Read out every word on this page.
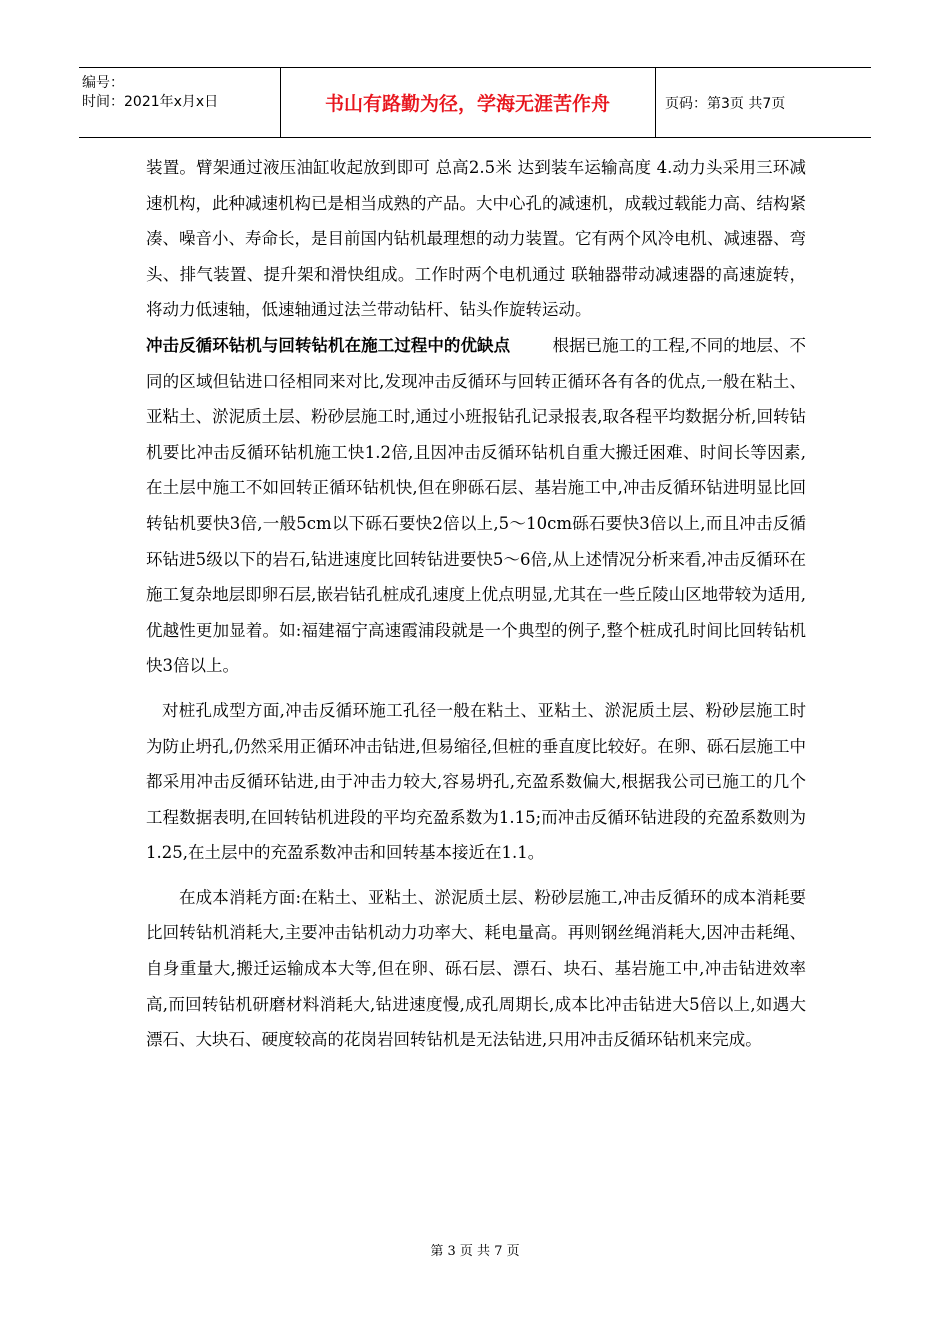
编号：
时间：2021年x月x日	书山有路勤为径，学海无涯苦作舟	页码：第3页 共7页

装置。臂架通过液压油缸收起放到即可 总高2.5米 达到装车运输高度 4.动力头采用三环减速机构，此种减速机构已是相当成熟的产品。大中心孔的减速机，成载过载能力高、结构紧凑、噪音小、寿命长，是目前国内钻机最理想的动力装置。它有两个风冷电机、减速器、弯头、排气装置、提升架和滑快组成。工作时两个电机通过 联轴器带动减速器的高速旋转，将动力低速轴，低速轴通过法兰带动钻杆、钻头作旋转运动。

冲击反循环钻机与回转钻机在施工过程中的优缺点        根据已施工的工程,不同的地层、不同的区域但钻进口径相同来对比,发现冲击反循环与回转正循环各有各的优点,一般在粘土、亚粘土、淤泥质土层、粉砂层施工时,通过小班报钻孔记录报表,取各程平均数据分析,回转钻机要比冲击反循环钻机施工快1.2倍,且因冲击反循环钻机自重大搬迁困难、时间长等因素,在土层中施工不如回转正循环钻机快,但在卵砾石层、基岩施工中,冲击反循环钻进明显比回转钻机要快3倍,一般5cm以下砾石要快2倍以上,5～10cm砾石要快3倍以上,而且冲击反循环钻进5级以下的岩石,钻进速度比回转钻进要快5～6倍,从上述情况分析来看,冲击反循环在施工复杂地层即卵石层,嵌岩钻孔桩成孔速度上优点明显,尤其在一些丘陵山区地带较为适用,优越性更加显着。如:福建福宁高速霞浦段就是一个典型的例子,整个桩成孔时间比回转钻机快3倍以上。

对桩孔成型方面,冲击反循环施工孔径一般在粘土、亚粘土、淤泥质土层、粉砂层施工时为防止坍孔,仍然采用正循环冲击钻进,但易缩径,但桩的垂直度比较好。在卵、砾石层施工中都采用冲击反循环钻进,由于冲击力较大,容易坍孔,充盈系数偏大,根据我公司已施工的几个工程数据表明,在回转钻机进段的平均充盈系数为1.15;而冲击反循环钻进段的充盈系数则为1.25,在土层中的充盈系数冲击和回转基本接近在1.1。

在成本消耗方面:在粘土、亚粘土、淤泥质土层、粉砂层施工,冲击反循环的成本消耗要比回转钻机消耗大,主要冲击钻机动力功率大、耗电量高。再则钢丝绳消耗大,因冲击耗绳、自身重量大,搬迁运输成本大等,但在卵、砾石层、漂石、块石、基岩施工中,冲击钻进效率高,而回转钻机研磨材料消耗大,钻进速度慢,成孔周期长,成本比冲击钻进大5倍以上,如遇大漂石、大块石、硬度较高的花岗岩回转钻机是无法钻进,只用冲击反循环钻机来完成。

第 3 页 共 7 页
